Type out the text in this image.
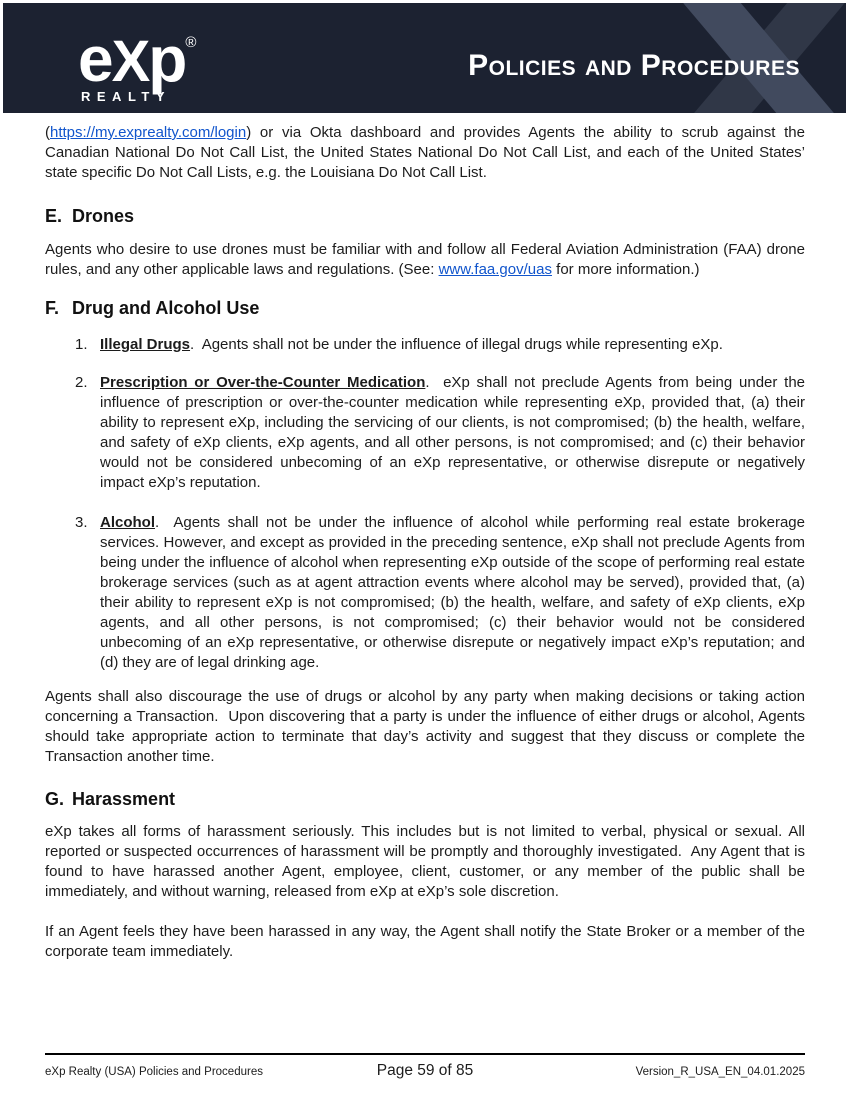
eXp®
REALTY
Policies and Procedures

(https://my.exprealty.com/login) or via Okta dashboard and provides Agents the ability to scrub against the Canadian National Do Not Call List, the United States National Do Not Call List, and each of the United States’ state specific Do Not Call Lists, e.g. the Louisiana Do Not Call List.

E. Drones

Agents who desire to use drones must be familiar with and follow all Federal Aviation Administration (FAA) drone rules, and any other applicable laws and regulations. (See: www.faa.gov/uas for more information.)

F. Drug and Alcohol Use
1. Illegal Drugs.  Agents shall not be under the influence of illegal drugs while representing eXp.
2. Prescription or Over-the-Counter Medication.  eXp shall not preclude Agents from being under the influence of prescription or over-the-counter medication while representing eXp, provided that, (a) their ability to represent eXp, including the servicing of our clients, is not compromised; (b) the health, welfare, and safety of eXp clients, eXp agents, and all other persons, is not compromised; and (c) their behavior would not be considered unbecoming of an eXp representative, or otherwise disrepute or negatively impact eXp’s reputation.
3. Alcohol.  Agents shall not be under the influence of alcohol while performing real estate brokerage services. However, and except as provided in the preceding sentence, eXp shall not preclude Agents from being under the influence of alcohol when representing eXp outside of the scope of performing real estate brokerage services (such as at agent attraction events where alcohol may be served), provided that, (a) their ability to represent eXp is not compromised; (b) the health, welfare, and safety of eXp clients, eXp agents, and all other persons, is not compromised; (c) their behavior would not be considered unbecoming of an eXp representative, or otherwise disrepute or negatively impact eXp’s reputation; and (d) they are of legal drinking age.

Agents shall also discourage the use of drugs or alcohol by any party when making decisions or taking action concerning a Transaction.  Upon discovering that a party is under the influence of either drugs or alcohol, Agents should take appropriate action to terminate that day’s activity and suggest that they discuss or complete the Transaction another time.

G. Harassment

eXp takes all forms of harassment seriously. This includes but is not limited to verbal, physical or sexual. All reported or suspected occurrences of harassment will be promptly and thoroughly investigated.  Any Agent that is found to have harassed another Agent, employee, client, customer, or any member of the public shall be immediately, and without warning, released from eXp at eXp’s sole discretion.

If an Agent feels they have been harassed in any way, the Agent shall notify the State Broker or a member of the corporate team immediately.

eXp Realty (USA) Policies and Procedures	Page 59 of 85	Version_R_USA_EN_04.01.2025
